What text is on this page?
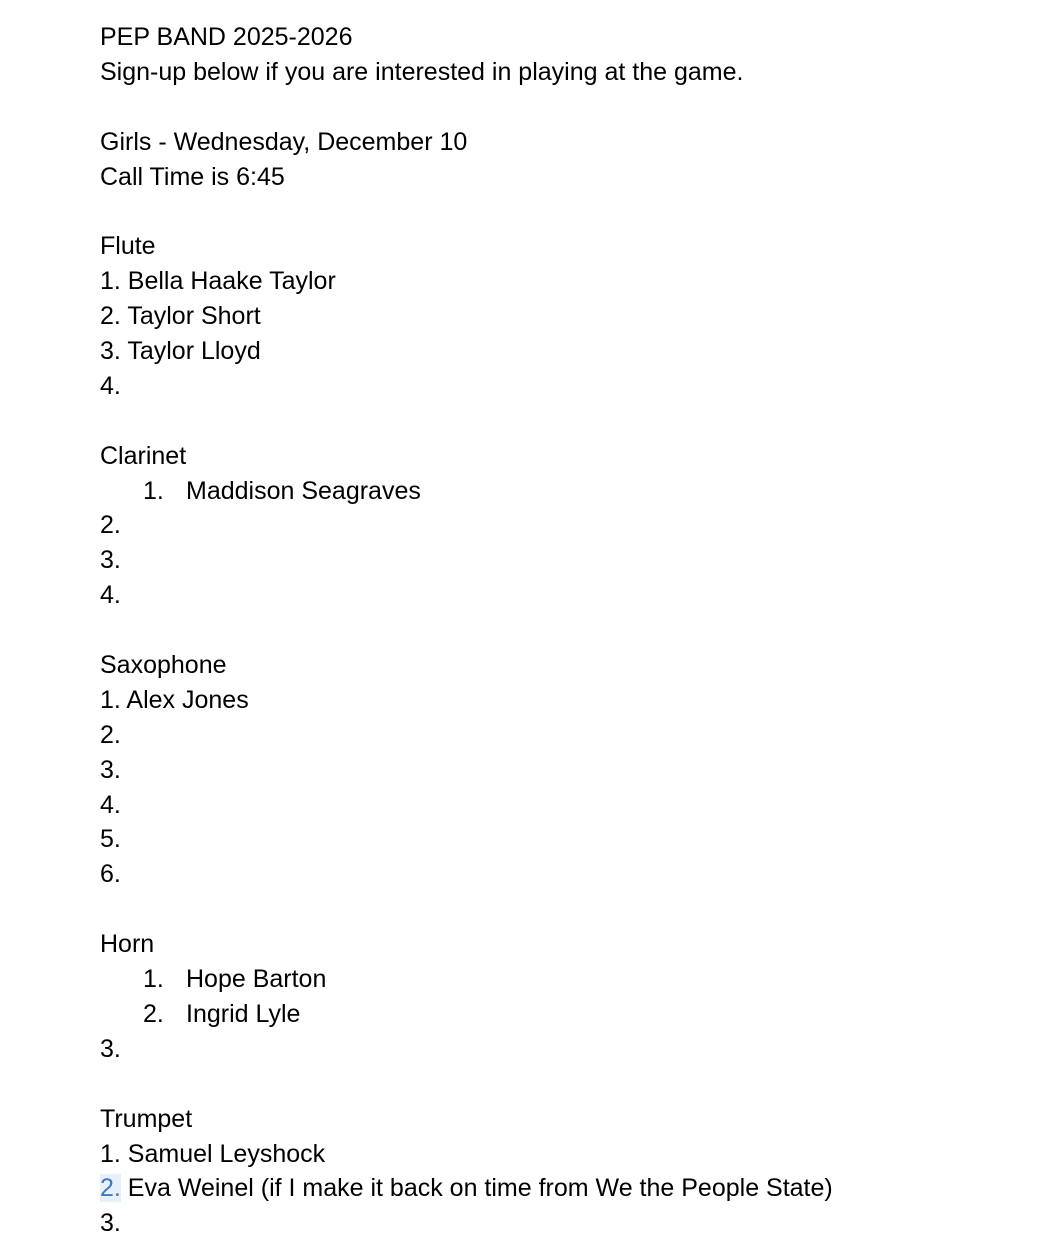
PEP BAND 2025-2026
Sign-up below if you are interested in playing at the game.
Girls - Wednesday, December 10
Call Time is 6:45
Flute
1. Bella Haake Taylor
2. Taylor Short
3. Taylor Lloyd
4.
Clarinet
1. Maddison Seagraves
2.
3.
4.
Saxophone
1. Alex Jones
2.
3.
4.
5.
6.
Horn
1. Hope Barton
2. Ingrid Lyle
3.
Trumpet
1. Samuel Leyshock
2. Eva Weinel (if I make it back on time from We the People State)
3.
